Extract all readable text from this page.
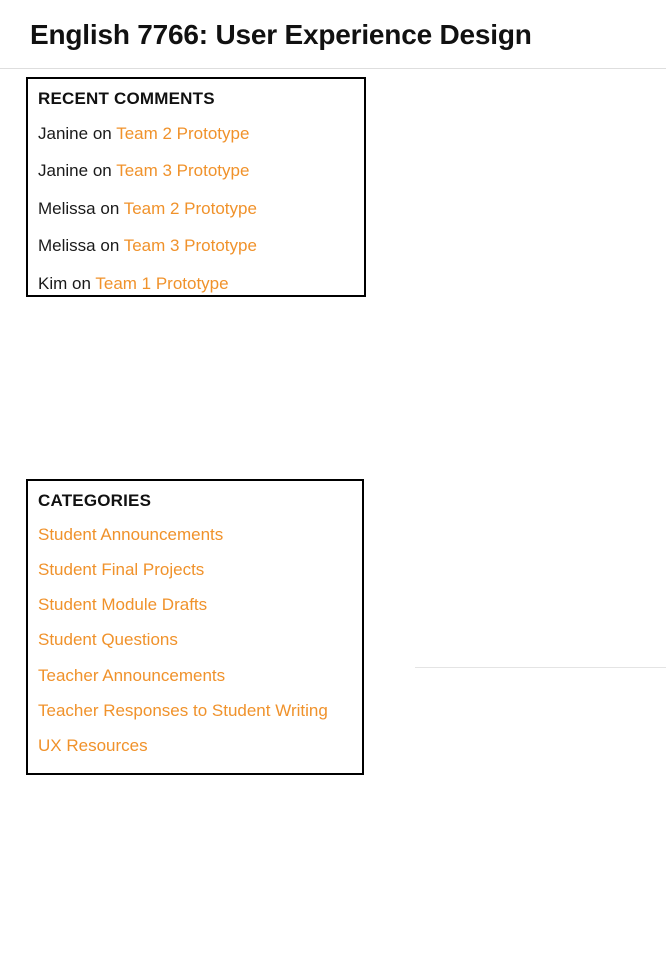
English 7766: User Experience Design
RECENT COMMENTS
Janine on Team 2 Prototype
Janine on Team 3 Prototype
Melissa on Team 2 Prototype
Melissa on Team 3 Prototype
Kim on Team 1 Prototype
CATEGORIES
Student Announcements
Student Final Projects
Student Module Drafts
Student Questions
Teacher Announcements
Teacher Responses to Student Writing
UX Resources
